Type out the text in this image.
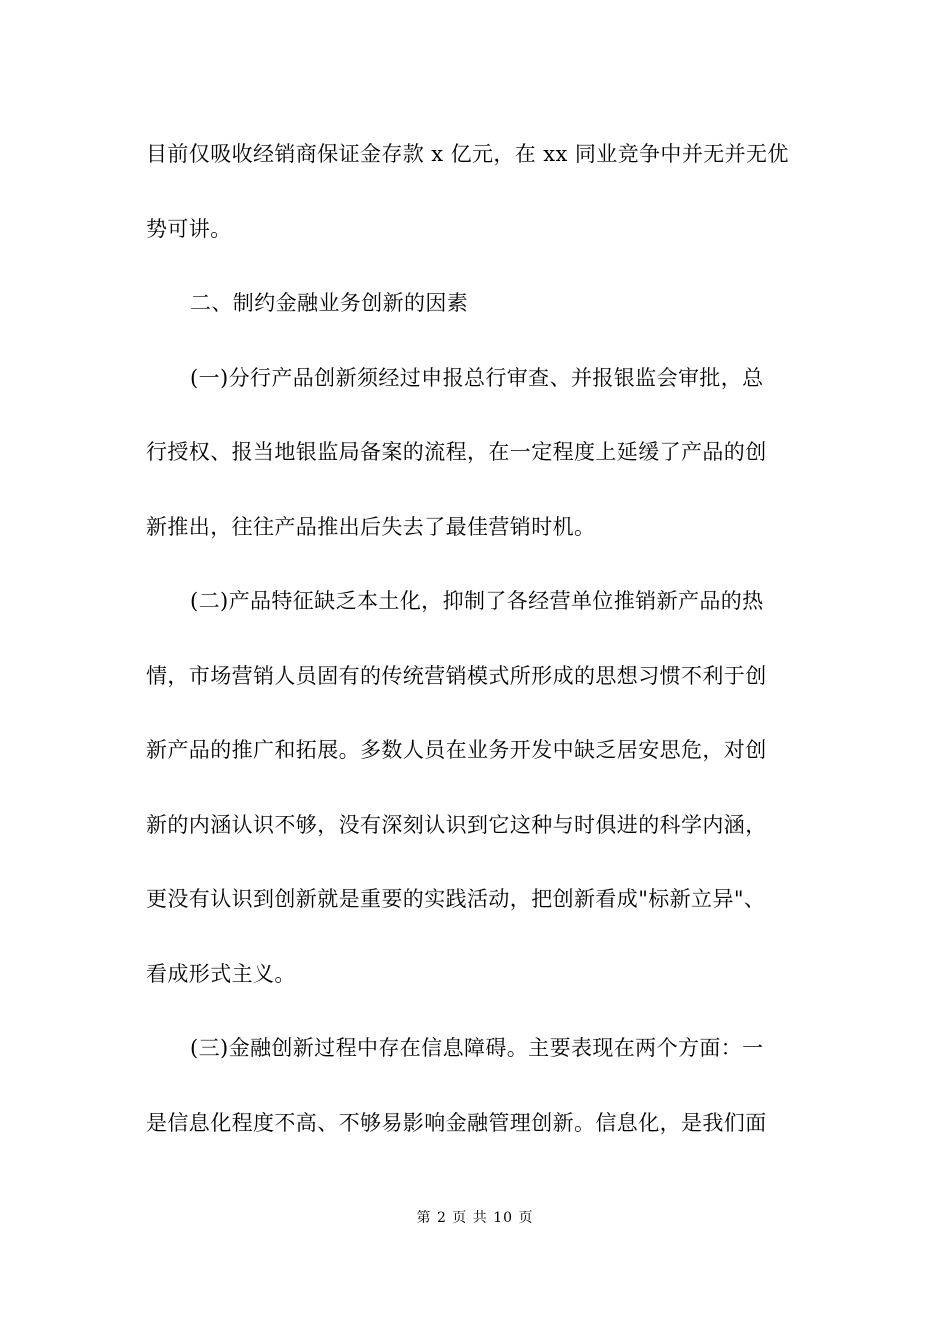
目前仅吸收经销商保证金存款 x 亿元，在 xx 同业竞争中并无并无优
势可讲。
二、制约金融业务创新的因素
(一)分行产品创新须经过申报总行审查、并报银监会审批，总
行授权、报当地银监局备案的流程，在一定程度上延缓了产品的创
新推出，往往产品推出后失去了最佳营销时机。
(二)产品特征缺乏本土化，抑制了各经营单位推销新产品的热
情，市场营销人员固有的传统营销模式所形成的思想习惯不利于创
新产品的推广和拓展。多数人员在业务开发中缺乏居安思危，对创
新的内涵认识不够，没有深刻认识到它这种与时俱进的科学内涵，
更没有认识到创新就是重要的实践活动，把创新看成"标新立异"、
看成形式主义。
(三)金融创新过程中存在信息障碍。主要表现在两个方面：一
是信息化程度不高、不够易影响金融管理创新。信息化，是我们面
第 2 页 共 10 页
